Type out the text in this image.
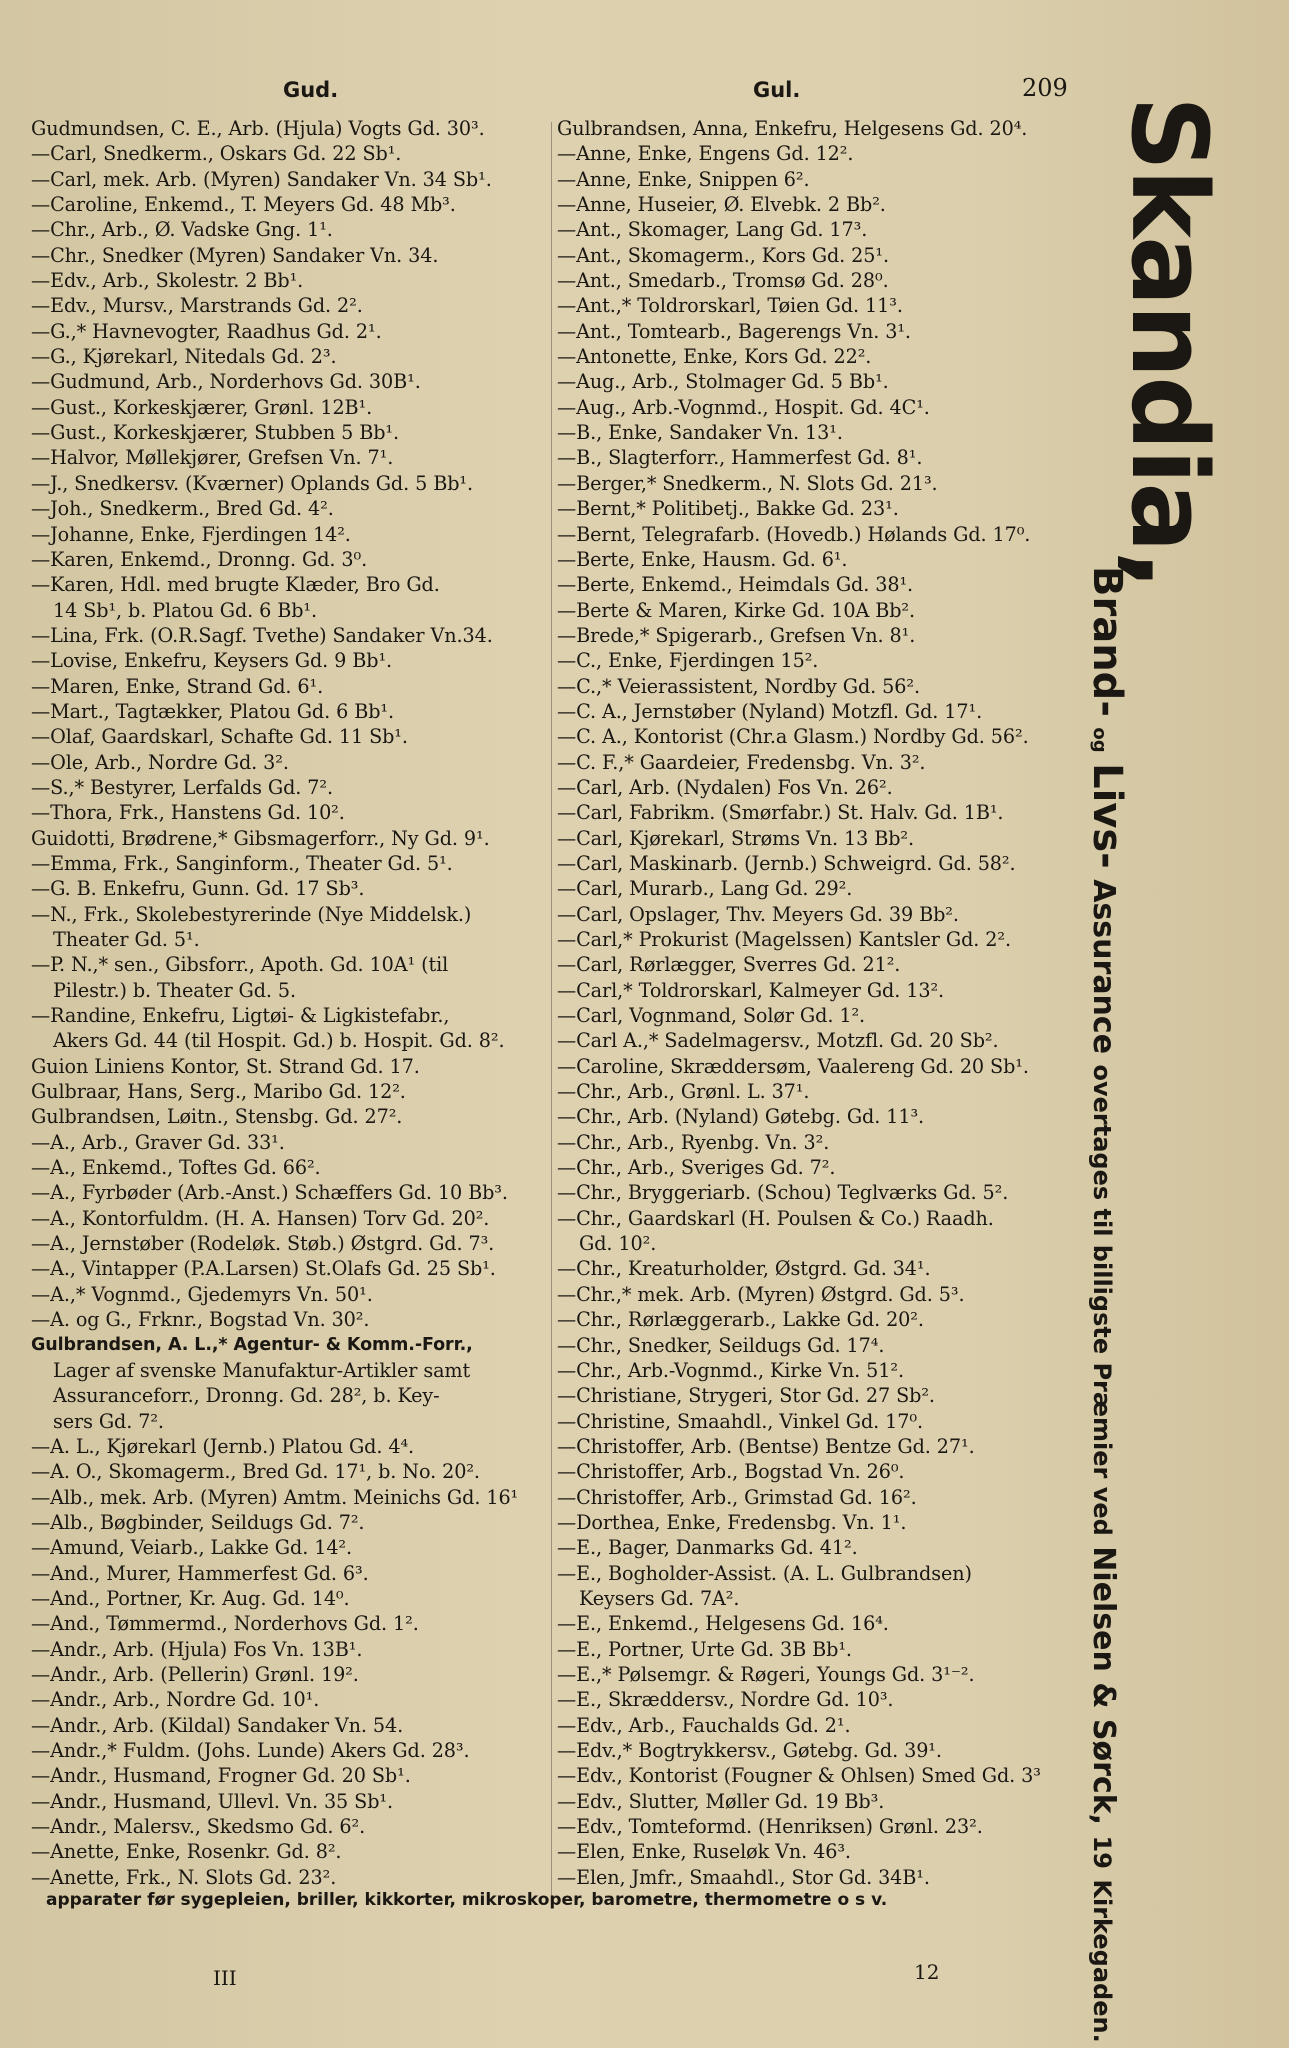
Gud.	Gul.	209
Gudmundsen, C. E., Arb. (Hjula) Vogts Gd. 30³.
—Carl, Snedkerm., Oskars Gd. 22 Sb¹.
—Carl, mek. Arb. (Myren) Sandaker Vn. 34 Sb¹.
—Caroline, Enkemd., T. Meyers Gd. 48 Mb³.
—Chr., Arb., Ø. Vadske Gng. 1¹.
—Chr., Snedker (Myren) Sandaker Vn. 34.
—Edv., Arb., Skolestr. 2 Bb¹.
—Edv., Mursv., Marstrands Gd. 2².
—G.,* Havnevogter, Raadhus Gd. 2¹.
—G., Kjørekarl, Nitedals Gd. 2³.
—Gudmund, Arb., Norderhovs Gd. 30B¹.
—Gust., Korkeskjærer, Grønl. 12B¹.
—Gust., Korkeskjærer, Stubben 5 Bb¹.
—Halvor, Møllekjører, Grefsen Vn. 7¹.
—J., Snedkersv. (Kværner) Oplands Gd. 5 Bb¹.
—Joh., Snedkerm., Bred Gd. 4².
—Johanne, Enke, Fjerdingen 14².
—Karen, Enkemd., Dronng. Gd. 3⁰.
—Karen, Hdl. med brugte Klæder, Bro Gd.
14 Sb¹, b. Platou Gd. 6 Bb¹.
—Lina, Frk. (O.R.Sagf. Tvethe) Sandaker Vn.34.
—Lovise, Enkefru, Keysers Gd. 9 Bb¹.
—Maren, Enke, Strand Gd. 6¹.
—Mart., Tagtækker, Platou Gd. 6 Bb¹.
—Olaf, Gaardskarl, Schafte Gd. 11 Sb¹.
—Ole, Arb., Nordre Gd. 3².
—S.,* Bestyrer, Lerfalds Gd. 7².
—Thora, Frk., Hanstens Gd. 10².
Guidotti, Brødrene,* Gibsmagerforr., Ny Gd. 9¹.
—Emma, Frk., Sanginform., Theater Gd. 5¹.
—G. B. Enkefru, Gunn. Gd. 17 Sb³.
—N., Frk., Skolebestyrerinde (Nye Middelsk.)
Theater Gd. 5¹.
—P. N.,* sen., Gibsforr., Apoth. Gd. 10A¹ (til
Pilestr.) b. Theater Gd. 5.
—Randine, Enkefru, Ligtøi- & Ligkistefabr.,
Akers Gd. 44 (til Hospit. Gd.) b. Hospit. Gd. 8².
Guion Liniens Kontor, St. Strand Gd. 17.
Gulbraar, Hans, Serg., Maribo Gd. 12².
Gulbrandsen, Løitn., Stensbg. Gd. 27².
—A., Arb., Graver Gd. 33¹.
—A., Enkemd., Toftes Gd. 66².
—A., Fyrbøder (Arb.-Anst.) Schæffers Gd. 10 Bb³.
—A., Kontorfuldm. (H. A. Hansen) Torv Gd. 20².
—A., Jernstøber (Rodeløk. Støb.) Østgrd. Gd. 7³.
—A., Vintapper (P.A.Larsen) St.Olafs Gd. 25 Sb¹.
—A.,* Vognmd., Gjedemyrs Vn. 50¹.
—A. og G., Frknr., Bogstad Vn. 30².
Gulbrandsen, A. L.,* Agentur- & Komm.-Forr.,
Lager af svenske Manufaktur-Artikler samt
Assuranceforr., Dronng. Gd. 28², b. Key-
sers Gd. 7².
—A. L., Kjørekarl (Jernb.) Platou Gd. 4⁴.
—A. O., Skomagerm., Bred Gd. 17¹, b. No. 20².
—Alb., mek. Arb. (Myren) Amtm. Meinichs Gd. 16¹
—Alb., Bøgbinder, Seildugs Gd. 7².
—Amund, Veiarb., Lakke Gd. 14².
—And., Murer, Hammerfest Gd. 6³.
—And., Portner, Kr. Aug. Gd. 14⁰.
—And., Tømmermd., Norderhovs Gd. 1².
—Andr., Arb. (Hjula) Fos Vn. 13B¹.
—Andr., Arb. (Pellerin) Grønl. 19².
—Andr., Arb., Nordre Gd. 10¹.
—Andr., Arb. (Kildal) Sandaker Vn. 54.
—Andr.,* Fuldm. (Johs. Lunde) Akers Gd. 28³.
—Andr., Husmand, Frogner Gd. 20 Sb¹.
—Andr., Husmand, Ullevl. Vn. 35 Sb¹.
—Andr., Malersv., Skedsmo Gd. 6².
—Anette, Enke, Rosenkr. Gd. 8².
—Anette, Frk., N. Slots Gd. 23².
Gulbrandsen, Anna, Enkefru, Helgesens Gd. 20⁴.
—Anne, Enke, Engens Gd. 12².
—Anne, Enke, Snippen 6².
—Anne, Huseier, Ø. Elvebk. 2 Bb².
—Ant., Skomager, Lang Gd. 17³.
—Ant., Skomagerm., Kors Gd. 25¹.
—Ant., Smedarb., Tromsø Gd. 28⁰.
—Ant.,* Toldrorskarl, Tøien Gd. 11³.
—Ant., Tomtearb., Bagerengs Vn. 3¹.
—Antonette, Enke, Kors Gd. 22².
—Aug., Arb., Stolmager Gd. 5 Bb¹.
—Aug., Arb.-Vognmd., Hospit. Gd. 4C¹.
—B., Enke, Sandaker Vn. 13¹.
—B., Slagterforr., Hammerfest Gd. 8¹.
—Berger,* Snedkerm., N. Slots Gd. 21³.
—Bernt,* Politibetj., Bakke Gd. 23¹.
—Bernt, Telegrafarb. (Hovedb.) Hølands Gd. 17⁰.
—Berte, Enke, Hausm. Gd. 6¹.
—Berte, Enkemd., Heimdals Gd. 38¹.
—Berte & Maren, Kirke Gd. 10A Bb².
—Brede,* Spigerarb., Grefsen Vn. 8¹.
—C., Enke, Fjerdingen 15².
—C.,* Veierassistent, Nordby Gd. 56².
—C. A., Jernstøber (Nyland) Motzfl. Gd. 17¹.
—C. A., Kontorist (Chr.a Glasm.) Nordby Gd. 56².
—C. F.,* Gaardeier, Fredensbg. Vn. 3².
—Carl, Arb. (Nydalen) Fos Vn. 26².
—Carl, Fabrikm. (Smørfabr.) St. Halv. Gd. 1B¹.
—Carl, Kjørekarl, Strøms Vn. 13 Bb².
—Carl, Maskinarb. (Jernb.) Schweigrd. Gd. 58².
—Carl, Murarb., Lang Gd. 29².
—Carl, Opslager, Thv. Meyers Gd. 39 Bb².
—Carl,* Prokurist (Magelssen) Kantsler Gd. 2².
—Carl, Rørlægger, Sverres Gd. 21².
—Carl,* Toldrorskarl, Kalmeyer Gd. 13².
—Carl, Vognmand, Solør Gd. 1².
—Carl A.,* Sadelmagersv., Motzfl. Gd. 20 Sb².
—Caroline, Skræddersøm, Vaalereng Gd. 20 Sb¹.
—Chr., Arb., Grønl. L. 37¹.
—Chr., Arb. (Nyland) Gøtebg. Gd. 11³.
—Chr., Arb., Ryenbg. Vn. 3².
—Chr., Arb., Sveriges Gd. 7².
—Chr., Bryggeriarb. (Schou) Teglværks Gd. 5².
—Chr., Gaardskarl (H. Poulsen & Co.) Raadh.
Gd. 10².
—Chr., Kreaturholder, Østgrd. Gd. 34¹.
—Chr.,* mek. Arb. (Myren) Østgrd. Gd. 5³.
—Chr., Rørlæggerarb., Lakke Gd. 20².
—Chr., Snedker, Seildugs Gd. 17⁴.
—Chr., Arb.-Vognmd., Kirke Vn. 51².
—Christiane, Strygeri, Stor Gd. 27 Sb².
—Christine, Smaahdl., Vinkel Gd. 17⁰.
—Christoffer, Arb. (Bentse) Bentze Gd. 27¹.
—Christoffer, Arb., Bogstad Vn. 26⁰.
—Christoffer, Arb., Grimstad Gd. 16².
—Dorthea, Enke, Fredensbg. Vn. 1¹.
—E., Bager, Danmarks Gd. 41².
—E., Bogholder-Assist. (A. L. Gulbrandsen)
Keysers Gd. 7A².
—E., Enkemd., Helgesens Gd. 16⁴.
—E., Portner, Urte Gd. 3B Bb¹.
—E.,* Pølsemgr. & Røgeri, Youngs Gd. 3¹⁻².
—E., Skræddersv., Nordre Gd. 10³.
—Edv., Arb., Fauchalds Gd. 2¹.
—Edv.,* Bogtrykkersv., Gøtebg. Gd. 39¹.
—Edv., Kontorist (Fougner & Ohlsen) Smed Gd. 3³
—Edv., Slutter, Møller Gd. 19 Bb³.
—Edv., Tomteformd. (Henriksen) Grønl. 23².
—Elen, Enke, Ruseløk Vn. 46³.
—Elen, Jmfr., Smaahdl., Stor Gd. 34B¹.
Skandia,
Brand- og Livs- Assurance overtages til billigste Præmier ved Nielsen & Sørck, 19 Kirkegaden.
apparater før sygepleien, briller, kikkorter, mikroskoper, barometre, thermometre o s v.
III	12
